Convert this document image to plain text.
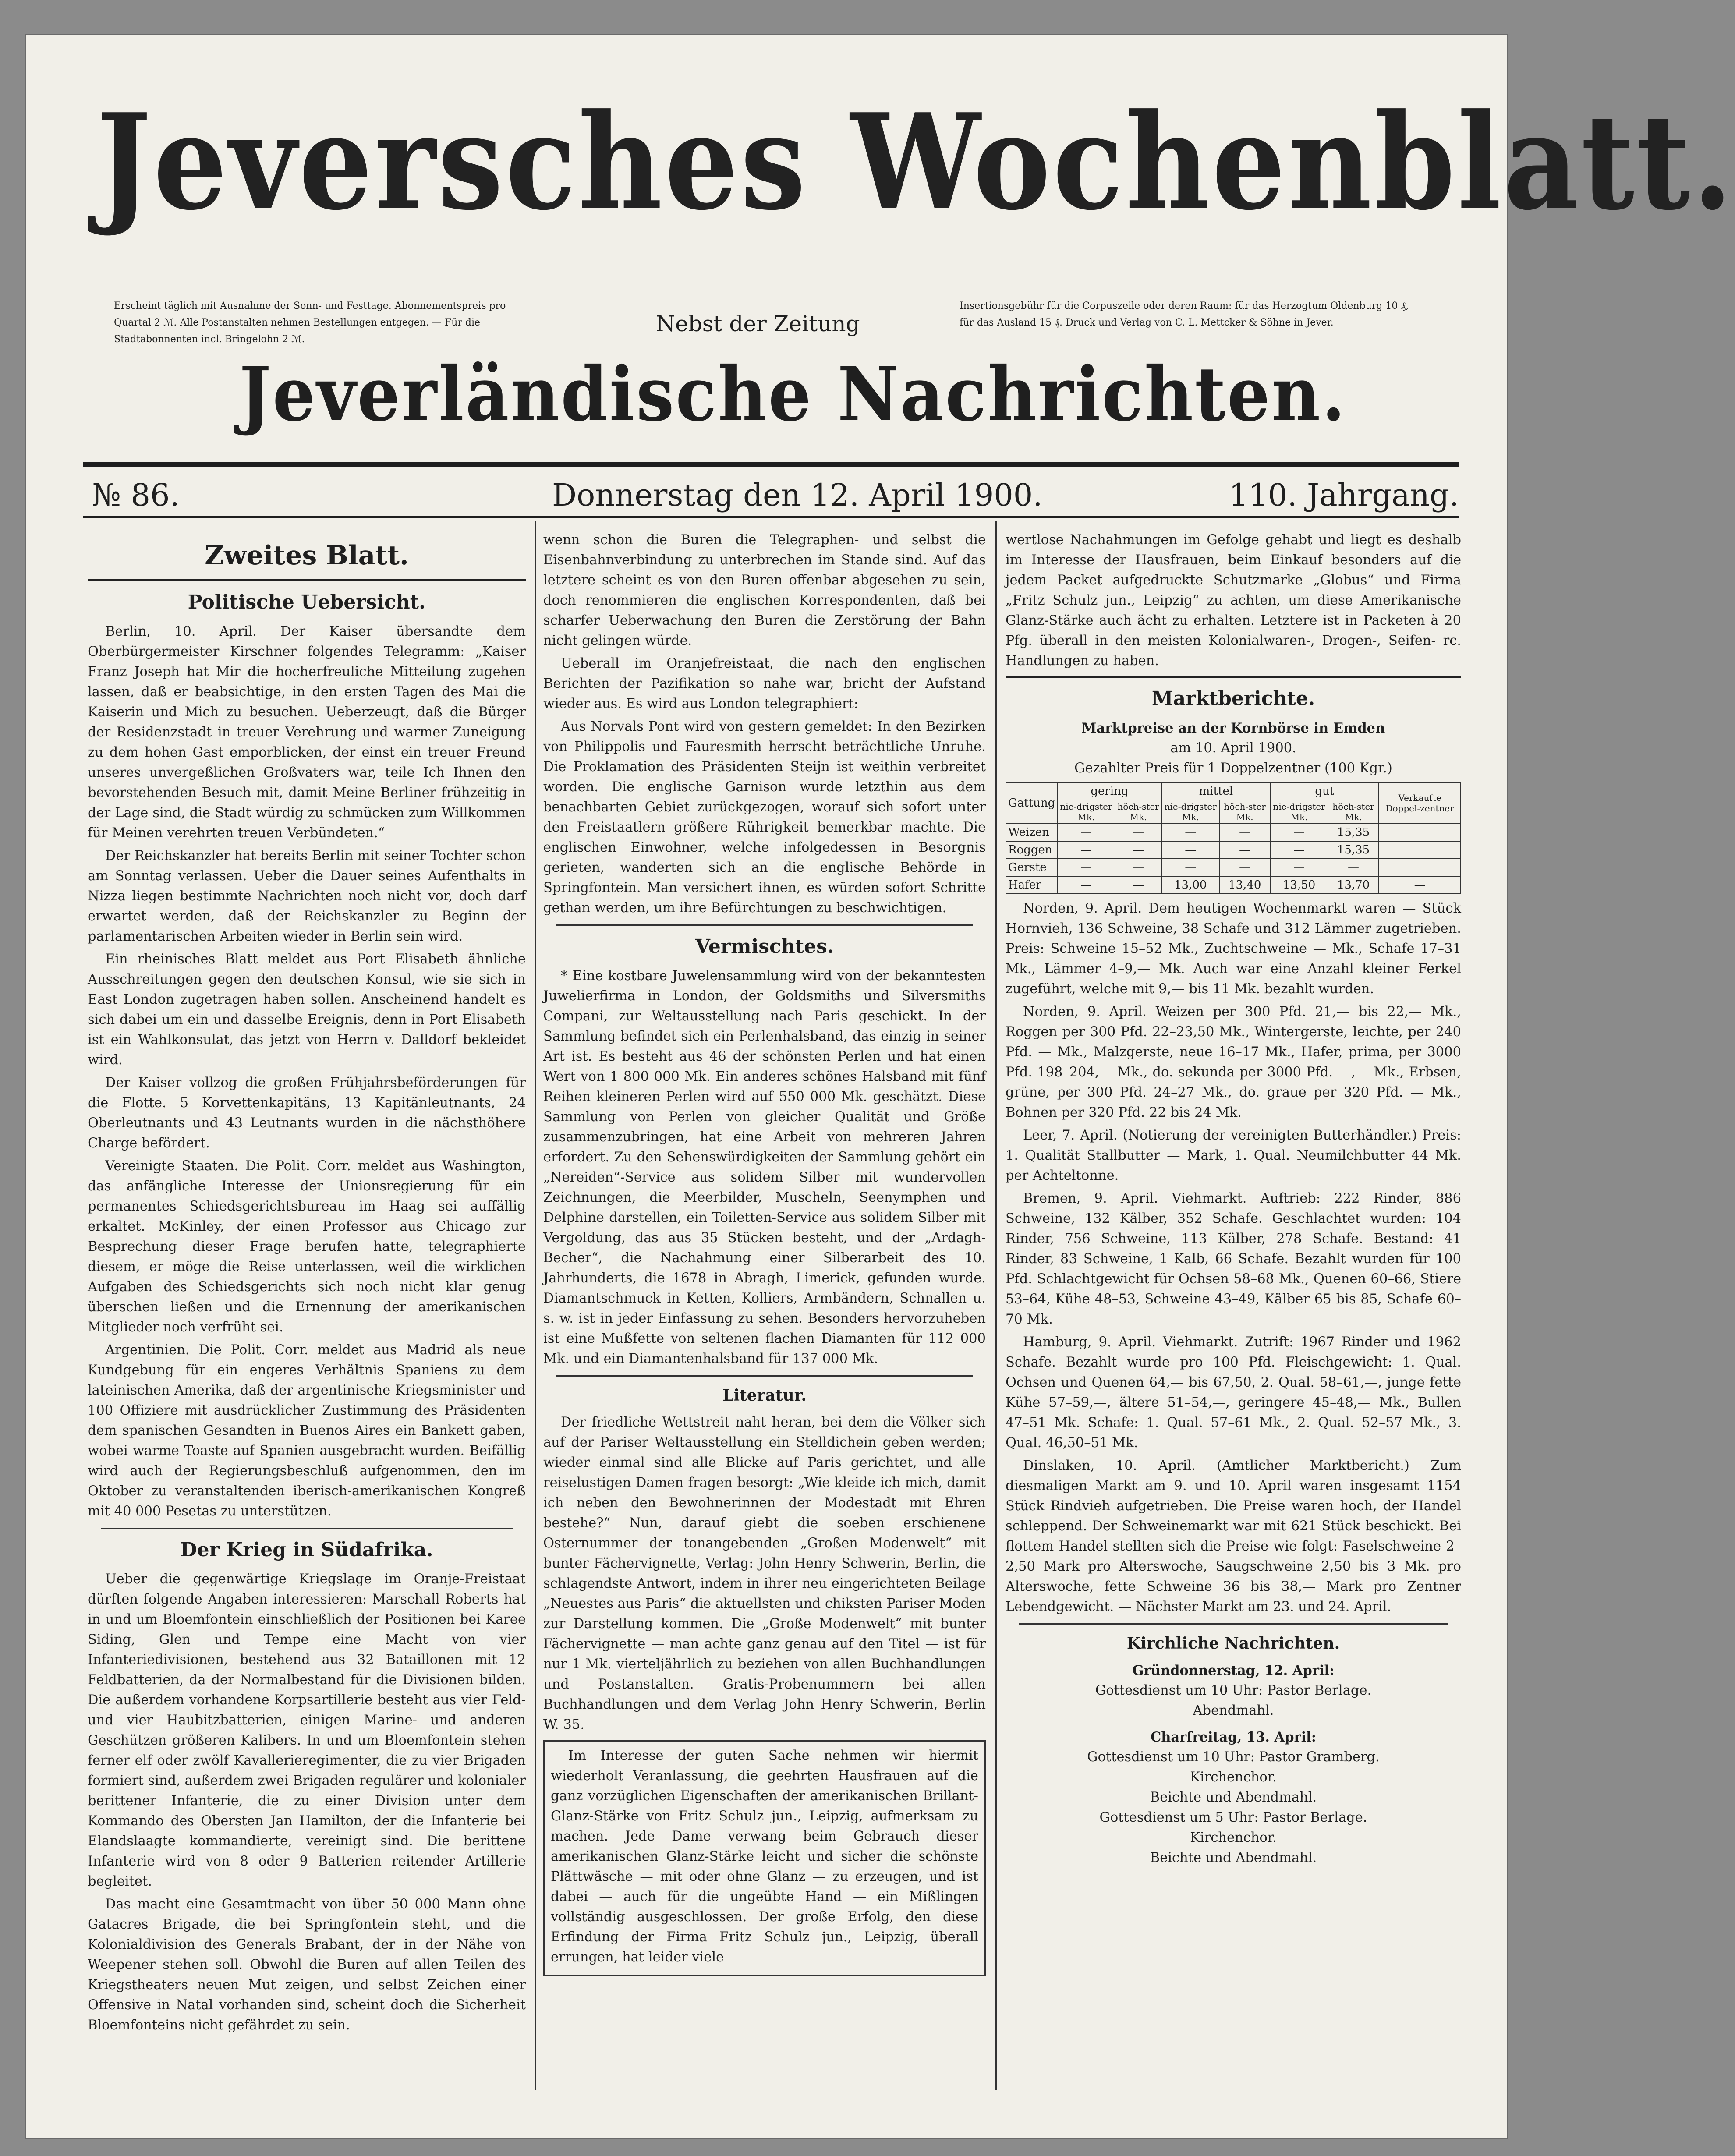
Jeversches Wochenblatt.
Erscheint täglich mit Ausnahme der Sonn- und Festtage. Abonnementspreis pro Quartal 2 ℳ. Alle Postanstalten nehmen Bestellungen entgegen. — Für die Stadtabonnenten incl. Bringelohn 2 ℳ.
Nebst der Zeitung
Insertionsgebühr für die Corpuszeile oder deren Raum: für das Herzogtum Oldenburg 10 ₰, für das Ausland 15 ₰. Druck und Verlag von C. L. Mettcker & Söhne in Jever.
Jeverländische Nachrichten.
№ 86.	Donnerstag den 12. April 1900.	110. Jahrgang.
Zweites Blatt.
Politische Uebersicht.

Berlin, 10. April. Der Kaiser übersandte dem Oberbürgermeister Kirschner folgendes Telegramm: „Kaiser Franz Joseph hat Mir die hocherfreuliche Mitteilung zugehen lassen, daß er beabsichtige, in den ersten Tagen des Mai die Kaiserin und Mich zu besuchen. Ueberzeugt, daß die Bürger der Residenzstadt in treuer Verehrung und warmer Zuneigung zu dem hohen Gast emporblicken, der einst ein treuer Freund unseres unvergeßlichen Großvaters war, teile Ich Ihnen den bevorstehenden Besuch mit, damit Meine Berliner frühzeitig in der Lage sind, die Stadt würdig zu schmücken zum Willkommen für Meinen verehrten treuen Verbündeten.“

Der Reichskanzler hat bereits Berlin mit seiner Tochter schon am Sonntag verlassen. Ueber die Dauer seines Aufenthalts in Nizza liegen bestimmte Nachrichten noch nicht vor, doch darf erwartet werden, daß der Reichskanzler zu Beginn der parlamentarischen Arbeiten wieder in Berlin sein wird.

Ein rheinisches Blatt meldet aus Port Elisabeth ähnliche Ausschreitungen gegen den deutschen Konsul, wie sie sich in East London zugetragen haben sollen. Anscheinend handelt es sich dabei um ein und dasselbe Ereignis, denn in Port Elisabeth ist ein Wahlkonsulat, das jetzt von Herrn v. Dalldorf bekleidet wird.

Der Kaiser vollzog die großen Frühjahrsbeförderungen für die Flotte. 5 Korvettenkapitäns, 13 Kapitänleutnants, 24 Oberleutnants und 43 Leutnants wurden in die nächsthöhere Charge befördert.

Vereinigte Staaten. Die Polit. Corr. meldet aus Washington, das anfängliche Interesse der Unionsregierung für ein permanentes Schiedsgerichtsbureau im Haag sei auffällig erkaltet. McKinley, der einen Professor aus Chicago zur Besprechung dieser Frage berufen hatte, telegraphierte diesem, er möge die Reise unterlassen, weil die wirklichen Aufgaben des Schiedsgerichts sich noch nicht klar genug überschen ließen und die Ernennung der amerikanischen Mitglieder noch verfrüht sei.

Argentinien. Die Polit. Corr. meldet aus Madrid als neue Kundgebung für ein engeres Verhältnis Spaniens zu dem lateinischen Amerika, daß der argentinische Kriegsminister und 100 Offiziere mit ausdrücklicher Zustimmung des Präsidenten dem spanischen Gesandten in Buenos Aires ein Bankett gaben, wobei warme Toaste auf Spanien ausgebracht wurden. Beifällig wird auch der Regierungsbeschluß aufgenommen, den im Oktober zu veranstaltenden iberisch-amerikanischen Kongreß mit 40 000 Pesetas zu unterstützen.

Der Krieg in Südafrika.

Ueber die gegenwärtige Kriegslage im Oranje-Freistaat dürften folgende Angaben interessieren: Marschall Roberts hat in und um Bloemfontein einschließlich der Positionen bei Karee Siding, Glen und Tempe eine Macht von vier Infanteriedivisionen, bestehend aus 32 Bataillonen mit 12 Feldbatterien, da der Normalbestand für die Divisionen bilden. Die außerdem vorhandene Korpsartillerie besteht aus vier Feld- und vier Haubitzbatterien, einigen Marine- und anderen Geschützen größeren Kalibers. In und um Bloemfontein stehen ferner elf oder zwölf Kavallerieregimenter, die zu vier Brigaden formiert sind, außerdem zwei Brigaden regulärer und kolonialer berittener Infanterie, die zu einer Division unter dem Kommando des Obersten Jan Hamilton, der die Infanterie bei Elandslaagte kommandierte, vereinigt sind. Die berittene Infanterie wird von 8 oder 9 Batterien reitender Artillerie begleitet.

Das macht eine Gesamtmacht von über 50 000 Mann ohne Gatacres Brigade, die bei Springfontein steht, und die Kolonialdivision des Generals Brabant, der in der Nähe von Weepener stehen soll. Obwohl die Buren auf allen Teilen des Kriegstheaters neuen Mut zeigen, und selbst Zeichen einer Offensive in Natal vorhanden sind, scheint doch die Sicherheit Bloemfonteins nicht gefährdet zu sein.

wenn schon die Buren die Telegraphen- und selbst die Eisenbahnverbindung zu unterbrechen im Stande sind. Auf das letztere scheint es von den Buren offenbar abgesehen zu sein, doch renommieren die englischen Korrespondenten, daß bei scharfer Ueberwachung den Buren die Zerstörung der Bahn nicht gelingen würde.

Ueberall im Oranjefreistaat, die nach den englischen Berichten der Pazifikation so nahe war, bricht der Aufstand wieder aus. Es wird aus London telegraphiert:

Aus Norvals Pont wird von gestern gemeldet: In den Bezirken von Philippolis und Fauresmith herrscht beträchtliche Unruhe. Die Proklamation des Präsidenten Steijn ist weithin verbreitet worden. Die englische Garnison wurde letzthin aus dem benachbarten Gebiet zurückgezogen, worauf sich sofort unter den Freistaatlern größere Rührigkeit bemerkbar machte. Die englischen Einwohner, welche infolgedessen in Besorgnis gerieten, wanderten sich an die englische Behörde in Springfontein. Man versichert ihnen, es würden sofort Schritte gethan werden, um ihre Befürchtungen zu beschwichtigen.

Vermischtes.

* Eine kostbare Juwelensammlung wird von der bekanntesten Juwelierfirma in London, der Goldsmiths und Silversmiths Compani, zur Weltausstellung nach Paris geschickt. In der Sammlung befindet sich ein Perlenhalsband, das einzig in seiner Art ist. Es besteht aus 46 der schönsten Perlen und hat einen Wert von 1 800 000 Mk. Ein anderes schönes Halsband mit fünf Reihen kleineren Perlen wird auf 550 000 Mk. geschätzt. Diese Sammlung von Perlen von gleicher Qualität und Größe zusammenzubringen, hat eine Arbeit von mehreren Jahren erfordert. Zu den Sehenswürdigkeiten der Sammlung gehört ein „Nereiden“-Service aus solidem Silber mit wundervollen Zeichnungen, die Meerbilder, Muscheln, Seenymphen und Delphine darstellen, ein Toiletten-Service aus solidem Silber mit Vergoldung, das aus 35 Stücken besteht, und der „Ardagh-Becher“, die Nachahmung einer Silberarbeit des 10. Jahrhunderts, die 1678 in Abragh, Limerick, gefunden wurde. Diamantschmuck in Ketten, Kolliers, Armbändern, Schnallen u. s. w. ist in jeder Einfassung zu sehen. Besonders hervorzuheben ist eine Mußfette von seltenen flachen Diamanten für 112 000 Mk. und ein Diamantenhalsband für 137 000 Mk.

Literatur.

Der friedliche Wettstreit naht heran, bei dem die Völker sich auf der Pariser Weltausstellung ein Stelldichein geben werden; wieder einmal sind alle Blicke auf Paris gerichtet, und alle reiselustigen Damen fragen besorgt: „Wie kleide ich mich, damit ich neben den Bewohnerinnen der Modestadt mit Ehren bestehe?“ Nun, darauf giebt die soeben erschienene Osternummer der tonangebenden „Großen Modenwelt“ mit bunter Fächervignette, Verlag: John Henry Schwerin, Berlin, die schlagendste Antwort, indem in ihrer neu eingerichteten Beilage „Neuestes aus Paris“ die aktuellsten und chiksten Pariser Moden zur Darstellung kommen. Die „Große Modenwelt“ mit bunter Fächervignette — man achte ganz genau auf den Titel — ist für nur 1 Mk. vierteljährlich zu beziehen von allen Buchhandlungen und Postanstalten. Gratis-Probenummern bei allen Buchhandlungen und dem Verlag John Henry Schwerin, Berlin W. 35.

Im Interesse der guten Sache nehmen wir hiermit wiederholt Veranlassung, die geehrten Hausfrauen auf die ganz vorzüglichen Eigenschaften der amerikanischen Brillant-Glanz-Stärke von Fritz Schulz jun., Leipzig, aufmerksam zu machen. Jede Dame verwang beim Gebrauch dieser amerikanischen Glanz-Stärke leicht und sicher die schönste Plättwäsche — mit oder ohne Glanz — zu erzeugen, und ist dabei — auch für die ungeübte Hand — ein Mißlingen vollständig ausgeschlossen. Der große Erfolg, den diese Erfindung der Firma Fritz Schulz jun., Leipzig, überall errungen, hat leider viele

wertlose Nachahmungen im Gefolge gehabt und liegt es deshalb im Interesse der Hausfrauen, beim Einkauf besonders auf die jedem Packet aufgedruckte Schutzmarke „Globus“ und Firma „Fritz Schulz jun., Leipzig“ zu achten, um diese Amerikanische Glanz-Stärke auch ächt zu erhalten. Letztere ist in Packeten à 20 Pfg. überall in den meisten Kolonialwaren-, Drogen-, Seifen- rc. Handlungen zu haben.

Marktberichte.
Marktpreise an der Kornbörse in Emden
am 10. April 1900.
Gezahlter Preis für 1 Doppelzentner (100 Kgr.)
Gattung	gering		mittel		gut		Verkaufte Doppel-zentner
	nie-drigster Mk.	höch-ster Mk.	nie-drigster Mk.	höch-ster Mk.	nie-drigster Mk.	höch-ster Mk.	
Weizen	—	—	—	—	—	15,35	
Roggen	—	—	—	—	—	15,35	
Gerste	—	—	—	—	—	—	
Hafer	—	—	13,00	13,40	13,50	13,70	—

Norden, 9. April. Dem heutigen Wochenmarkt waren — Stück Hornvieh, 136 Schweine, 38 Schafe und 312 Lämmer zugetrieben. Preis: Schweine 15–52 Mk., Zuchtschweine — Mk., Schafe 17–31 Mk., Lämmer 4–9,— Mk. Auch war eine Anzahl kleiner Ferkel zugeführt, welche mit 9,— bis 11 Mk. bezahlt wurden.

Norden, 9. April. Weizen per 300 Pfd. 21,— bis 22,— Mk., Roggen per 300 Pfd. 22–23,50 Mk., Wintergerste, leichte, per 240 Pfd. — Mk., Malzgerste, neue 16–17 Mk., Hafer, prima, per 3000 Pfd. 198–204,— Mk., do. sekunda per 3000 Pfd. —,— Mk., Erbsen, grüne, per 300 Pfd. 24–27 Mk., do. graue per 320 Pfd. — Mk., Bohnen per 320 Pfd. 22 bis 24 Mk.

Leer, 7. April. (Notierung der vereinigten Butterhändler.) Preis: 1. Qualität Stallbutter — Mark, 1. Qual. Neumilchbutter 44 Mk. per Achteltonne.

Bremen, 9. April. Viehmarkt. Auftrieb: 222 Rinder, 886 Schweine, 132 Kälber, 352 Schafe. Geschlachtet wurden: 104 Rinder, 756 Schweine, 113 Kälber, 278 Schafe. Bestand: 41 Rinder, 83 Schweine, 1 Kalb, 66 Schafe. Bezahlt wurden für 100 Pfd. Schlachtgewicht für Ochsen 58–68 Mk., Quenen 60–66, Stiere 53–64, Kühe 48–53, Schweine 43–49, Kälber 65 bis 85, Schafe 60–70 Mk.

Hamburg, 9. April. Viehmarkt. Zutrift: 1967 Rinder und 1962 Schafe. Bezahlt wurde pro 100 Pfd. Fleischgewicht: 1. Qual. Ochsen und Quenen 64,— bis 67,50, 2. Qual. 58–61,—, junge fette Kühe 57–59,—, ältere 51–54,—, geringere 45–48,— Mk., Bullen 47–51 Mk. Schafe: 1. Qual. 57–61 Mk., 2. Qual. 52–57 Mk., 3. Qual. 46,50–51 Mk.

Dinslaken, 10. April. (Amtlicher Marktbericht.) Zum diesmaligen Markt am 9. und 10. April waren insgesamt 1154 Stück Rindvieh aufgetrieben. Die Preise waren hoch, der Handel schleppend. Der Schweinemarkt war mit 621 Stück beschickt. Bei flottem Handel stellten sich die Preise wie folgt: Faselschweine 2–2,50 Mark pro Alterswoche, Saugschweine 2,50 bis 3 Mk. pro Alterswoche, fette Schweine 36 bis 38,— Mark pro Zentner Lebendgewicht. — Nächster Markt am 23. und 24. April.

Kirchliche Nachrichten.
Gründonnerstag, 12. April:
Gottesdienst um 10 Uhr: Pastor Berlage.
Abendmahl.
Charfreitag, 13. April:
Gottesdienst um 10 Uhr: Pastor Gramberg.
Kirchenchor.
Beichte und Abendmahl.
Gottesdienst um 5 Uhr: Pastor Berlage.
Kirchenchor.
Beichte und Abendmahl.
